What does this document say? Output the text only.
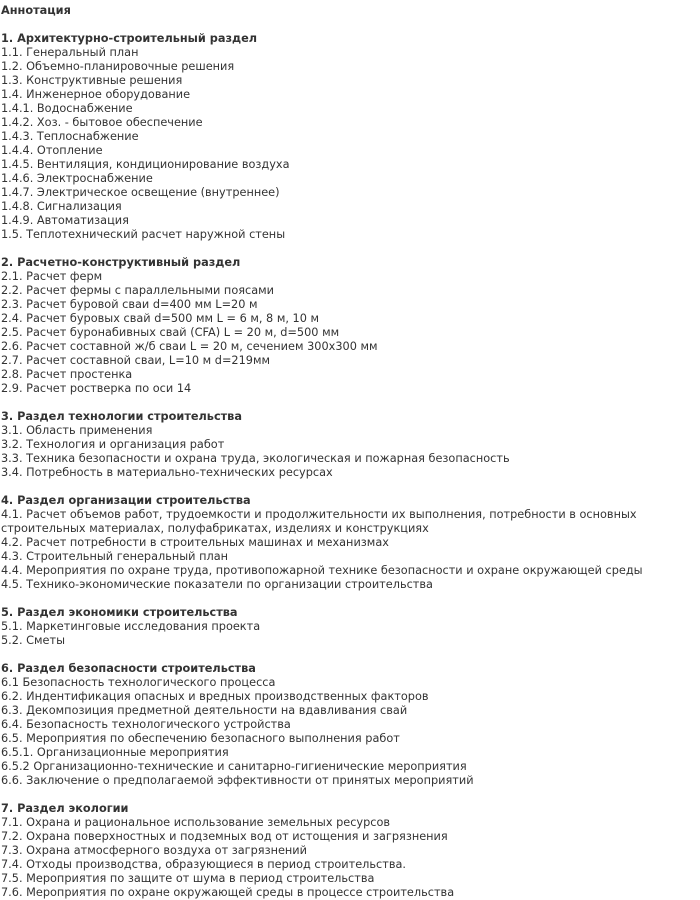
Аннотация
1. Архитектурно-строительный раздел
1.1. Генеральный план
1.2. Объемно-планировочные решения
1.3. Конструктивные решения
1.4. Инженерное оборудование
1.4.1. Водоснабжение
1.4.2. Хоз. - бытовое обеспечение
1.4.3. Теплоснабжение
1.4.4. Отопление
1.4.5. Вентиляция, кондиционирование воздуха
1.4.6. Электроснабжение
1.4.7. Электрическое освещение (внутреннее)
1.4.8. Сигнализация
1.4.9. Автоматизация
1.5. Теплотехнический расчет наружной стены
2. Расчетно-конструктивный раздел
2.1. Расчет ферм
2.2. Расчет фермы с параллельными поясами
2.3. Расчет буровой сваи d=400 мм L=20 м
2.4. Расчет буровых свай d=500 мм L = 6 м, 8 м, 10 м
2.5. Расчет буронабивных свай (CFA) L = 20 м, d=500 мм
2.6. Расчет составной ж/б сваи L = 20 м, сечением 300х300 мм
2.7. Расчет составной сваи, L=10 м d=219мм
2.8. Расчет простенка
2.9. Расчет ростверка по оси 14
3. Раздел технологии строительства
3.1. Область применения
3.2. Технология и организация работ
3.3. Техника безопасности и охрана труда, экологическая и пожарная безопасность
3.4. Потребность в материально-технических ресурсах
4. Раздел организации строительства
4.1. Расчет объемов работ, трудоемкости и продолжительности их выполнения, потребности в основных строительных материалах, полуфабрикатах, изделиях и конструкциях
4.2. Расчет потребности в строительных машинах и механизмах
4.3. Строительный генеральный план
4.4. Мероприятия по охране труда, противопожарной технике безопасности и охране окружающей среды
4.5. Технико-экономические показатели по организации строительства
5. Раздел экономики строительства
5.1. Маркетинговые исследования проекта
5.2. Сметы
6. Раздел безопасности строительства
6.1 Безопасность технологического процесса
6.2. Индентификация опасных и вредных производственных факторов
6.3. Декомпозиция предметной деятельности на вдавливания свай
6.4. Безопасность технологического устройства
6.5. Мероприятия по обеспечению безопасного выполнения работ
6.5.1. Организационные мероприятия
6.5.2 Организационно-технические и санитарно-гигиенические мероприятия
6.6. Заключение о предполагаемой эффективности от принятых мероприятий
7. Раздел экологии
7.1. Охрана и рациональное использование земельных ресурсов
7.2. Охрана поверхностных и подземных вод от истощения и загрязнения
7.3. Охрана атмосферного воздуха от загрязнений
7.4. Отходы производства, образующиеся в период строительства.
7.5. Мероприятия по защите от шума в период строительства
7.6. Мероприятия по охране окружающей среды в процессе строительства
